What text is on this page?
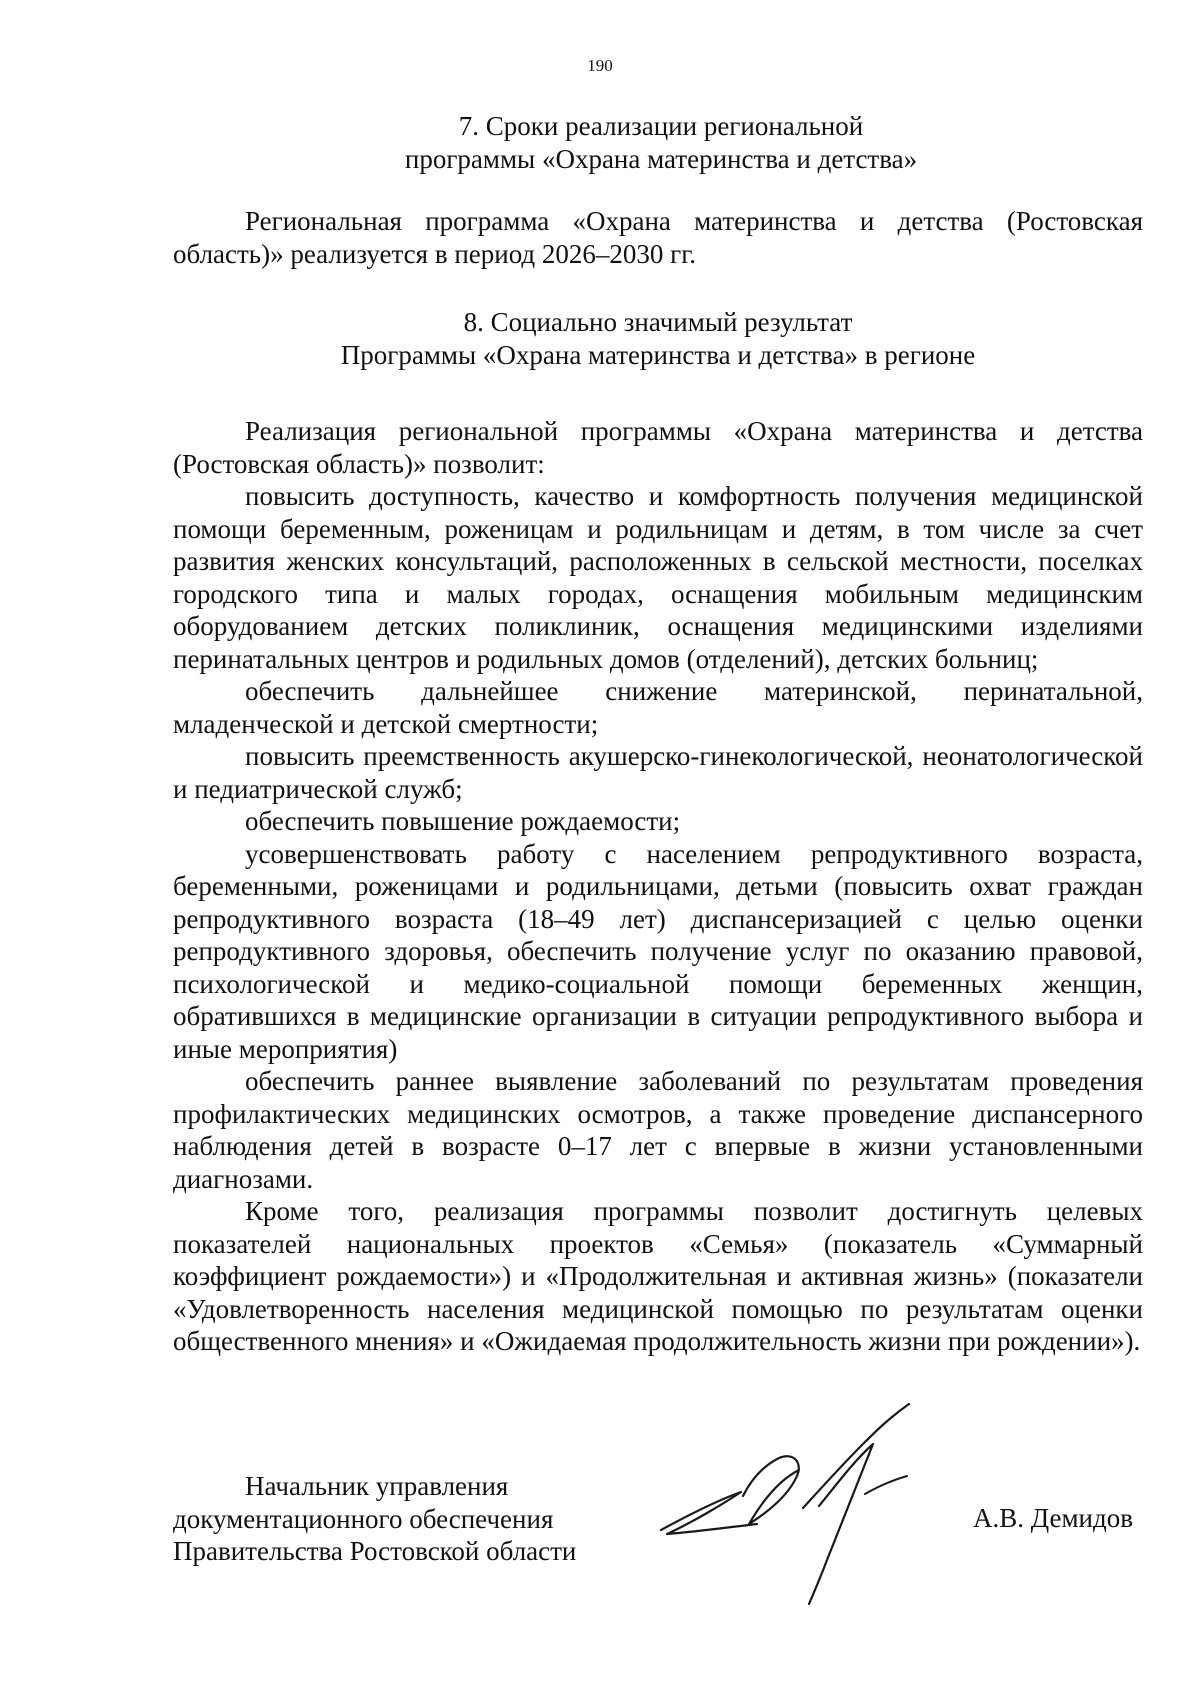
190
7. Сроки реализации региональной
программы «Охрана материнства и детства»

Региональная программа «Охрана материнства и детства (Ростовская область)» реализуется в период 2026–2030 гг.

8. Социально значимый результат
Программы «Охрана материнства и детства» в регионе

Реализация региональной программы «Охрана материнства и детства (Ростовская область)» позволит:

повысить доступность, качество и комфортность получения медицинской помощи беременным, роженицам и родильницам и детям, в том числе за счет развития женских консультаций, расположенных в сельской местности, поселках городского типа и малых городах, оснащения мобильным медицинским оборудованием детских поликлиник, оснащения медицинскими изделиями перинатальных центров и родильных домов (отделений), детских больниц;

обеспечить дальнейшее снижение материнской, перинатальной, младенческой и детской смертности;

повысить преемственность акушерско-гинекологической, неонатологической и педиатрической служб;

обеспечить повышение рождаемости;

усовершенствовать работу с населением репродуктивного возраста, беременными, роженицами и родильницами, детьми (повысить охват граждан репродуктивного возраста (18–49 лет) диспансеризацией с целью оценки репродуктивного здоровья, обеспечить получение услуг по оказанию правовой, психологической и медико-социальной помощи беременных женщин, обратившихся в медицинские организации в ситуации репродуктивного выбора и иные мероприятия)

обеспечить раннее выявление заболеваний по результатам проведения профилактических медицинских осмотров, а также проведение диспансерного наблюдения детей в возрасте 0–17 лет с впервые в жизни установленными диагнозами.

Кроме того, реализация программы позволит достигнуть целевых показателей национальных проектов «Семья» (показатель «Суммарный коэффициент рождаемости») и «Продолжительная и активная жизнь» (показатели «Удовлетворенность населения медицинской помощью по результатам оценки общественного мнения» и «Ожидаемая продолжительность жизни при рождении»).

Начальник управления
документационного обеспечения
Правительства Ростовской области
А.В. Демидов
